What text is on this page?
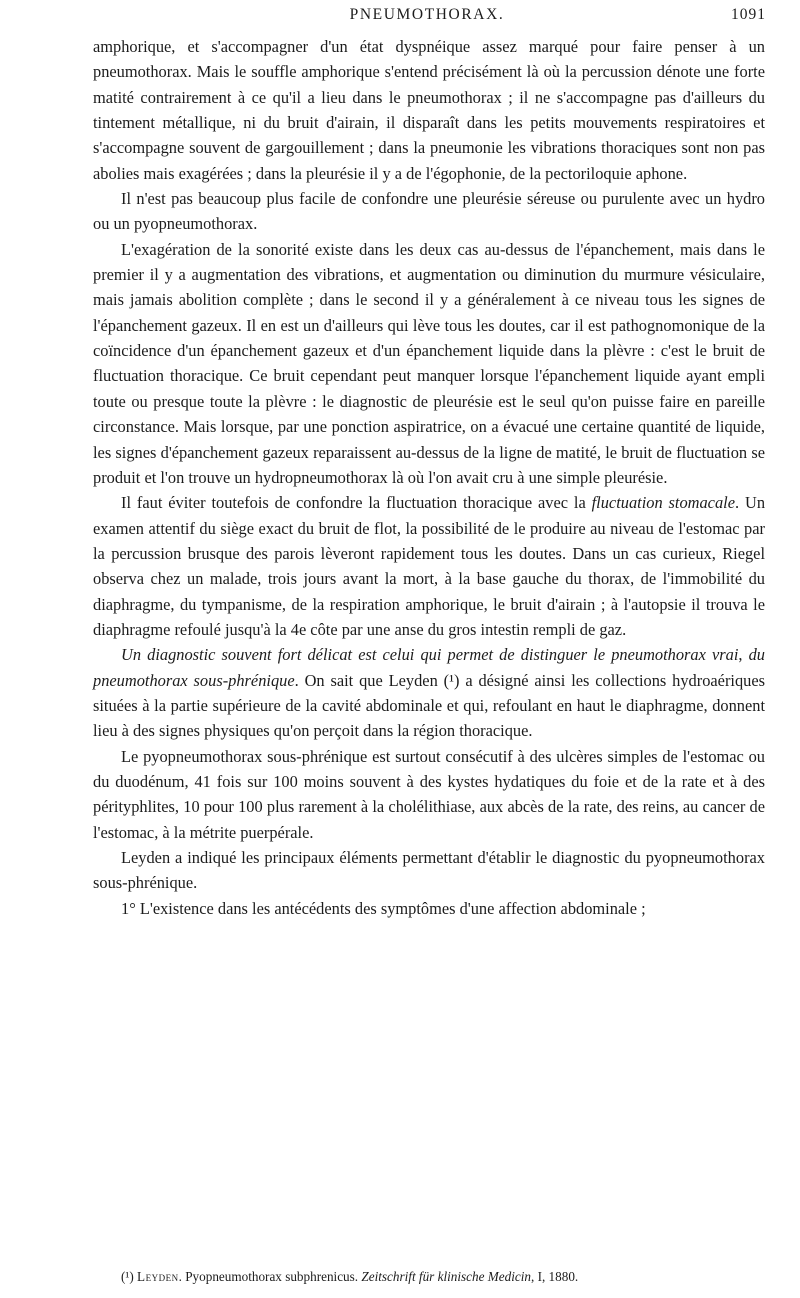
PNEUMOTHORAX.	1091

amphorique, et s'accompagner d'un état dyspnéique assez marqué pour faire penser à un pneumothorax. Mais le souffle amphorique s'entend précisément là où la percussion dénote une forte matité contrairement à ce qu'il a lieu dans le pneumothorax ; il ne s'accompagne pas d'ailleurs du tintement métallique, ni du bruit d'airain, il disparaît dans les petits mouvements respiratoires et s'accompagne souvent de gargouillement ; dans la pneumonie les vibrations thoraciques sont non pas abolies mais exagérées ; dans la pleurésie il y a de l'égophonie, de la pectoriloquie aphone.

Il n'est pas beaucoup plus facile de confondre une pleurésie séreuse ou purulente avec un hydro ou un pyopneumothorax.

L'exagération de la sonorité existe dans les deux cas au-dessus de l'épanchement, mais dans le premier il y a augmentation des vibrations, et augmentation ou diminution du murmure vésiculaire, mais jamais abolition complète ; dans le second il y a généralement à ce niveau tous les signes de l'épanchement gazeux. Il en est un d'ailleurs qui lève tous les doutes, car il est pathognomonique de la coïncidence d'un épanchement gazeux et d'un épanchement liquide dans la plèvre : c'est le bruit de fluctuation thoracique. Ce bruit cependant peut manquer lorsque l'épanchement liquide ayant empli toute ou presque toute la plèvre : le diagnostic de pleurésie est le seul qu'on puisse faire en pareille circonstance. Mais lorsque, par une ponction aspiratrice, on a évacué une certaine quantité de liquide, les signes d'épanchement gazeux reparaissent au-dessus de la ligne de matité, le bruit de fluctuation se produit et l'on trouve un hydropneumothorax là où l'on avait cru à une simple pleurésie.

Il faut éviter toutefois de confondre la fluctuation thoracique avec la fluctuation stomacale. Un examen attentif du siège exact du bruit de flot, la possibilité de le produire au niveau de l'estomac par la percussion brusque des parois lèveront rapidement tous les doutes. Dans un cas curieux, Riegel observa chez un malade, trois jours avant la mort, à la base gauche du thorax, de l'immobilité du diaphragme, du tympanisme, de la respiration amphorique, le bruit d'airain ; à l'autopsie il trouva le diaphragme refoulé jusqu'à la 4e côte par une anse du gros intestin rempli de gaz.

Un diagnostic souvent fort délicat est celui qui permet de distinguer le pneumothorax vrai, du pneumothorax sous-phrénique. On sait que Leyden (¹) a désigné ainsi les collections hydroaériques situées à la partie supérieure de la cavité abdominale et qui, refoulant en haut le diaphragme, donnent lieu à des signes physiques qu'on perçoit dans la région thoracique.

Le pyopneumothorax sous-phrénique est surtout consécutif à des ulcères simples de l'estomac ou du duodénum, 41 fois sur 100 moins souvent à des kystes hydatiques du foie et de la rate et à des pérityphlites, 10 pour 100 plus rarement à la cholélithiase, aux abcès de la rate, des reins, au cancer de l'estomac, à la métrite puerpérale.

Leyden a indiqué les principaux éléments permettant d'établir le diagnostic du pyopneumothorax sous-phrénique.

1° L'existence dans les antécédents des symptômes d'une affection abdominale ;

(¹) Leyden. Pyopneumothorax subphrenicus. Zeitschrift für klinische Medicin, I, 1880.
